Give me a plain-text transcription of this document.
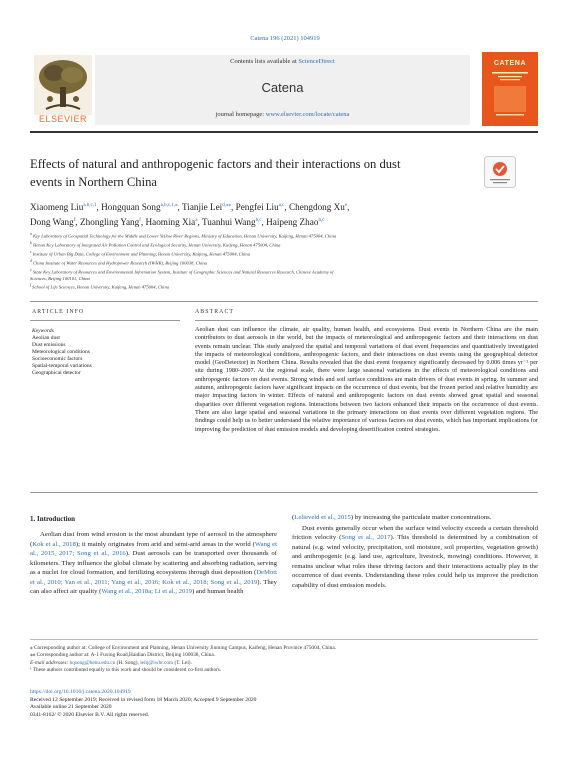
Catena 196 (2021) 104919
Contents lists available at ScienceDirect
Catena
journal homepage: www.elsevier.com/locate/catena
ELSEVIER
CATENA
Effects of natural and anthropogenic factors and their interactions on dust
events in Northern China
Xiaomeng Liu$^{a,b,c,1}$, Hongquan Song$^{a,b,c,1,⁎}$, Tianjie Lei$^{d,⁎⁎}$, Pengfei Liu$^{a,c}$, Chengdong Xu$^e$,
Dong Wang$^f$, Zhongling Yang$^f$, Haoming Xia$^a$, Tuanhui Wang$^{b,c}$, Haipeng Zhao$^{b,c}$
$^a$ Key Laboratory of Geospatial Technology for the Middle and Lower Yellow River Regions, Ministry of Education, Henan University, Kaifeng, Henan 475004, China
$^b$ Henan Key Laboratory of Integrated Air Pollution Control and Ecological Security, Henan University, Kaifeng, Henan 475004, China
$^c$ Institute of Urban Big Data, College of Environment and Planning, Henan University, Kaifeng, Henan 475004, China
$^d$ China Institute of Water Resources and Hydropower Research (IWHR), Beijing 100038, China
$^e$ State Key Laboratory of Resources and Environmental Information System, Institute of Geographic Sciences and Natural Resources Research, Chinese Academy of
Sciences, Beijing 100101, China
$^f$ School of Life Sciences, Henan University, Kaifeng, Henan 475004, China
ARTICLE INFO	ABSTRACT
Keywords
Aeolian dust
Dust emissions
Meteorological conditions
Socioeconomic factors
Spatial-temporal variations
Geographical detector
Aeolian dust can influence the climate, air quality, human health, and ecosystems. Dust events in Northern China are the main contributors to dust aerosols in the world, but the impacts of meteorological and anthropogenic factors and their interactions on dust events remain unclear. This study analyzed the spatial and temporal variations of dust event frequencies and quantitatively investigated the impacts of meteorological conditions, anthropogenic factors, and their interactions on dust events using the geographical detector model (GeoDetector) in Northern China. Results revealed that the dust event frequency significantly decreased by 0.006 times yr⁻¹ per site during 1980–2007. At the regional scale, there were large seasonal variations in the effects of meteorological conditions and anthropogenic factors on dust events. Strong winds and soil surface conditions are main drivers of dust events in spring. In summer and autumn, anthropogenic factors have significant impacts on the occurrence of dust events, but the frozen period and relative humidity are major impacting factors in winter. Effects of natural and anthropogenic factors on dust events showed great spatial and seasonal disparities over different vegetation regions. Interactions between two factors enhanced their impacts on the occurrence of dust events. There are also large spatial and seasonal variations in the primary interactions on dust events over different vegetation regions. The findings could help us to better understand the relative importance of various factors on dust events, which has important implications for improving the prediction of dust emission models and developing desertification control strategies.
1. Introduction

Aeolian dust from wind erosion is the most abundant type of aerosol in the atmosphere (Kok et al., 2018); it mainly originates from arid and semi-arid areas in the world (Wang et al., 2015, 2017; Song et al., 2016). Dust aerosols can be transported over thousands of kilometers. They influence the global climate by scattering and absorbing radiation, serving as a nuclei for cloud formation, and fertilizing ecosystems through dust deposition (DeMott et al., 2010; Yan et al., 2011; Yang et al., 2016; Kok et al., 2018; Song et al., 2019). They can also affect air quality (Wang et al., 2018a; Li et al., 2019) and human health

(Lelieveld et al., 2015) by increasing the particulate matter concentrations.

Dust events generally occur when the surface wind velocity exceeds a certain threshold friction velocity (Song et al., 2017). This threshold is determined by a combination of natural (e.g. wind velocity, precipitation, soil moisture, soil properties, vegetation growth) and anthropogenic (e.g. land use, agriculture, livestock, mowing) conditions. However, it remains unclear what roles these driving factors and their interactions actually play in the occurrence of dust events. Understanding these roles could help us improve the prediction capability of dust emission models.

⁎ Corresponding author at: College of Environment and Planning, Henan University Jinming Campus, Kaifeng, Henan Province 475004, China.
⁎⁎ Corresponding author at: A-1 Fuxing Road,Haidian District, Beijing 100038, China.
E-mail addresses: hqsong@henu.edu.cn (H. Song), leitj@iwhr.com (T. Lei).
¹ These authors contributed equally to this work and should be considered co-first authors.
https://doi.org/10.1016/j.catena.2020.104919
Received 12 September 2019; Received in revised form 18 March 2020; Accepted 9 September 2020
Available online 21 September 2020
0341-8162/ © 2020 Elsevier B.V. All rights reserved.
